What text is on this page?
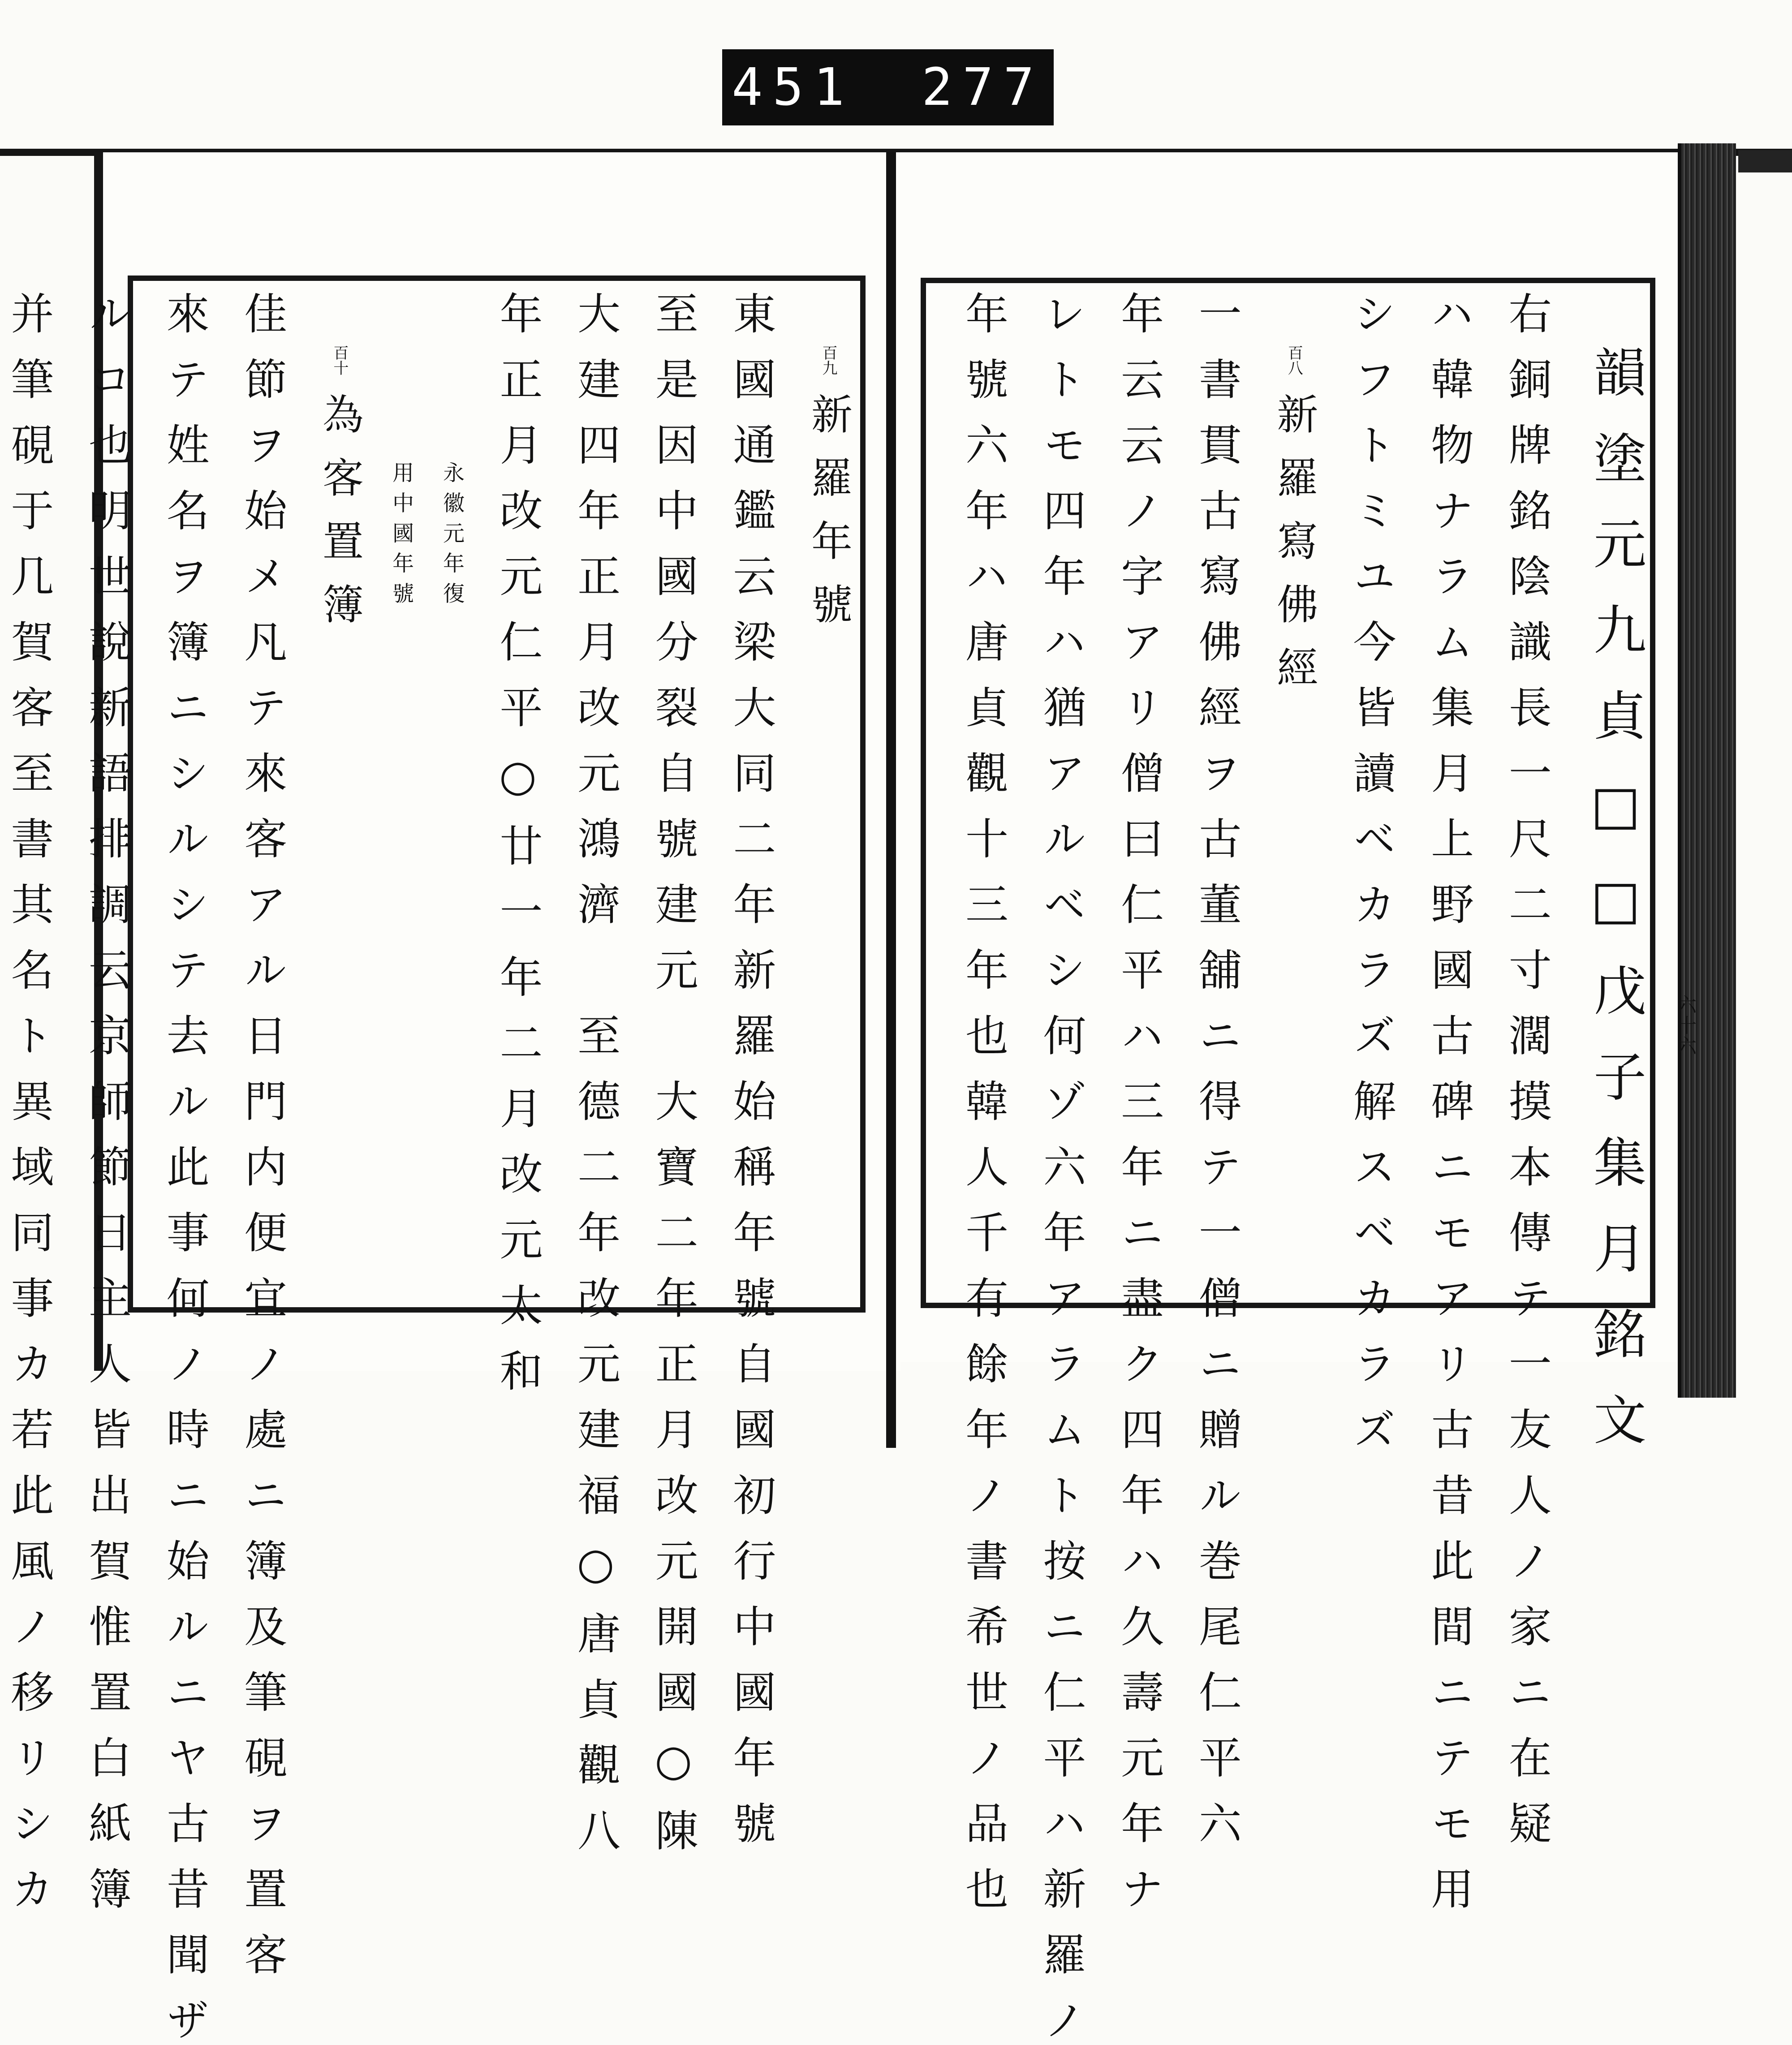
451 277
六十六
韻 塗 元 九 貞 □ □ 戊 子 集 月 銘 文
右 銅 牌 銘 陰 識 長 一 尺 二 寸 濶 摸 本 傳 テ 一 友 人 ノ 家 ニ 在 疑
ハ 韓 物 ナ ラ ム 集 月 上 野 國 古 碑 ニ モ ア リ 古 昔 此 間 ニ テ モ 用
シ フ ト ミ ユ 今 皆 讀 ベ カ ラ ズ 解 ス ベ カ ラ ズ
百八 新 羅 寫 佛 經
一 書 貫 古 寫 佛 經 ヲ 古 董 舖 ニ 得 テ 一 僧 ニ 贈 ル 巻 尾 仁 平 六
年 云 云 ノ 字 ア リ 僧 曰 仁 平 ハ 三 年 ニ 盡 ク 四 年 ハ 久 壽 元 年 ナ
レ ト モ 四 年 ハ 猶 ア ル ベ シ 何 ゾ 六 年 ア ラ ム ト 按 ニ 仁 平 ハ 新 羅 ノ
年 號 六 年 ハ 唐 貞 觀 十 三 年 也 韓 人 千 有 餘 年 ノ 書 希 世 ノ 品 也
百九 新 羅 年 號
東 國 通 鑑 云 梁 大 同 二 年 新 羅 始 稱 年 號 自 國 初 行 中 國 年 號
至 是 因 中 國 分 裂 自 號 建 元 　 大 寶 二 年 正 月 改 元 開 國 ○ 陳
大 建 四 年 正 月 改 元 鴻 濟 　 至 德 二 年 改 元 建 福 ○ 唐 貞 觀 八
年 正 月 改 元 仁 平 ○ 廿 一 年 二 月 改 元 太 和
永 徽 元 年 復
用 中 國 年 號
百十 為 客 置 簿
佳 節 ヲ 始 メ 凡 テ 來 客 ア ル 日 門 内 便 宜 ノ 處 ニ 簿 及 筆 硯 ヲ 置 客
來 テ 姓 名 ヲ 簿 ニ シ ル シ テ 去 ル 此 事 何 ノ 時 ニ 始 ル ニ ヤ 古 昔 聞 ザ
ル コ 也 明 世 說 新 語 排 調 云 京 師 節 日 主 人 皆 出 賀 惟 置 白 紙 簿
并 筆 硯 于 几 賀 客 至 書 其 名 ト 異 域 同 事 カ 若 此 風 ノ 移 リ シ カ
